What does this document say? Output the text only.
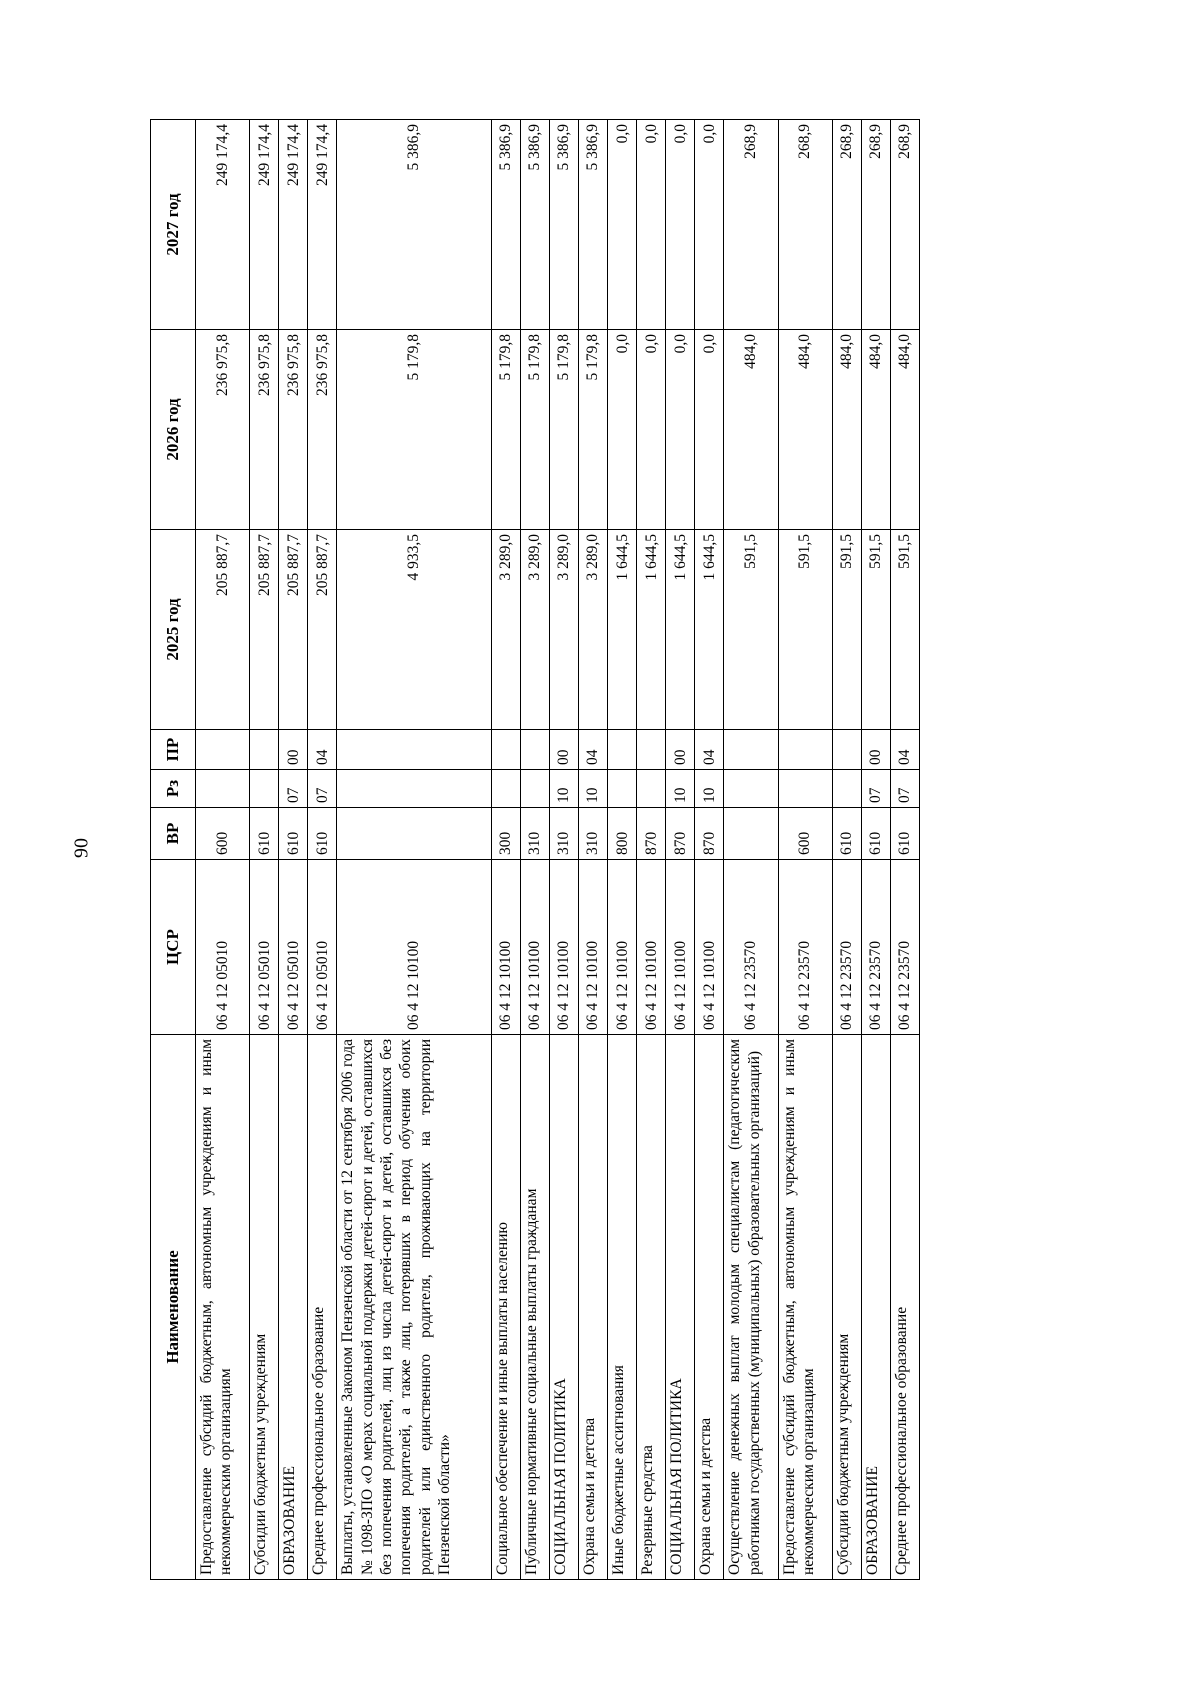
90
Наименование	ЦСР	ВР	Рз	ПР	2025 год	2026 год	2027 год
Предоставление субсидий бюджетным, автономным учреждениям и иным некоммерческим организациям	06 4 12 05010	600			205 887,7	236 975,8	249 174,4
Субсидии бюджетным учреждениям	06 4 12 05010	610			205 887,7	236 975,8	249 174,4
ОБРАЗОВАНИЕ	06 4 12 05010	610	07	00	205 887,7	236 975,8	249 174,4
Среднее профессиональное образование	06 4 12 05010	610	07	04	205 887,7	236 975,8	249 174,4
Выплаты, установленные Законом Пензенской области от 12 сентября 2006 года № 1098-ЗПО «О мерах социальной поддержки детей-сирот и детей, оставшихся без попечения родителей, лиц из числа детей-сирот и детей, оставшихся без попечения родителей, а также лиц, потерявших в период обучения обоих родителей или единственного родителя, проживающих на территории Пензенской области»	06 4 12 10100				4 933,5	5 179,8	5 386,9
Социальное обеспечение и иные выплаты населению	06 4 12 10100	300			3 289,0	5 179,8	5 386,9
Публичные нормативные социальные выплаты гражданам	06 4 12 10100	310			3 289,0	5 179,8	5 386,9
СОЦИАЛЬНАЯ ПОЛИТИКА	06 4 12 10100	310	10	00	3 289,0	5 179,8	5 386,9
Охрана семьи и детства	06 4 12 10100	310	10	04	3 289,0	5 179,8	5 386,9
Иные бюджетные ассигнования	06 4 12 10100	800			1 644,5	0,0	0,0
Резервные средства	06 4 12 10100	870			1 644,5	0,0	0,0
СОЦИАЛЬНАЯ ПОЛИТИКА	06 4 12 10100	870	10	00	1 644,5	0,0	0,0
Охрана семьи и детства	06 4 12 10100	870	10	04	1 644,5	0,0	0,0
Осуществление денежных выплат молодым специалистам (педагогическим работникам государственных (муниципальных) образовательных организаций)	06 4 12 23570				591,5	484,0	268,9
Предоставление субсидий бюджетным, автономным учреждениям и иным некоммерческим организациям	06 4 12 23570	600			591,5	484,0	268,9
Субсидии бюджетным учреждениям	06 4 12 23570	610			591,5	484,0	268,9
ОБРАЗОВАНИЕ	06 4 12 23570	610	07	00	591,5	484,0	268,9
Среднее профессиональное образование	06 4 12 23570	610	07	04	591,5	484,0	268,9
